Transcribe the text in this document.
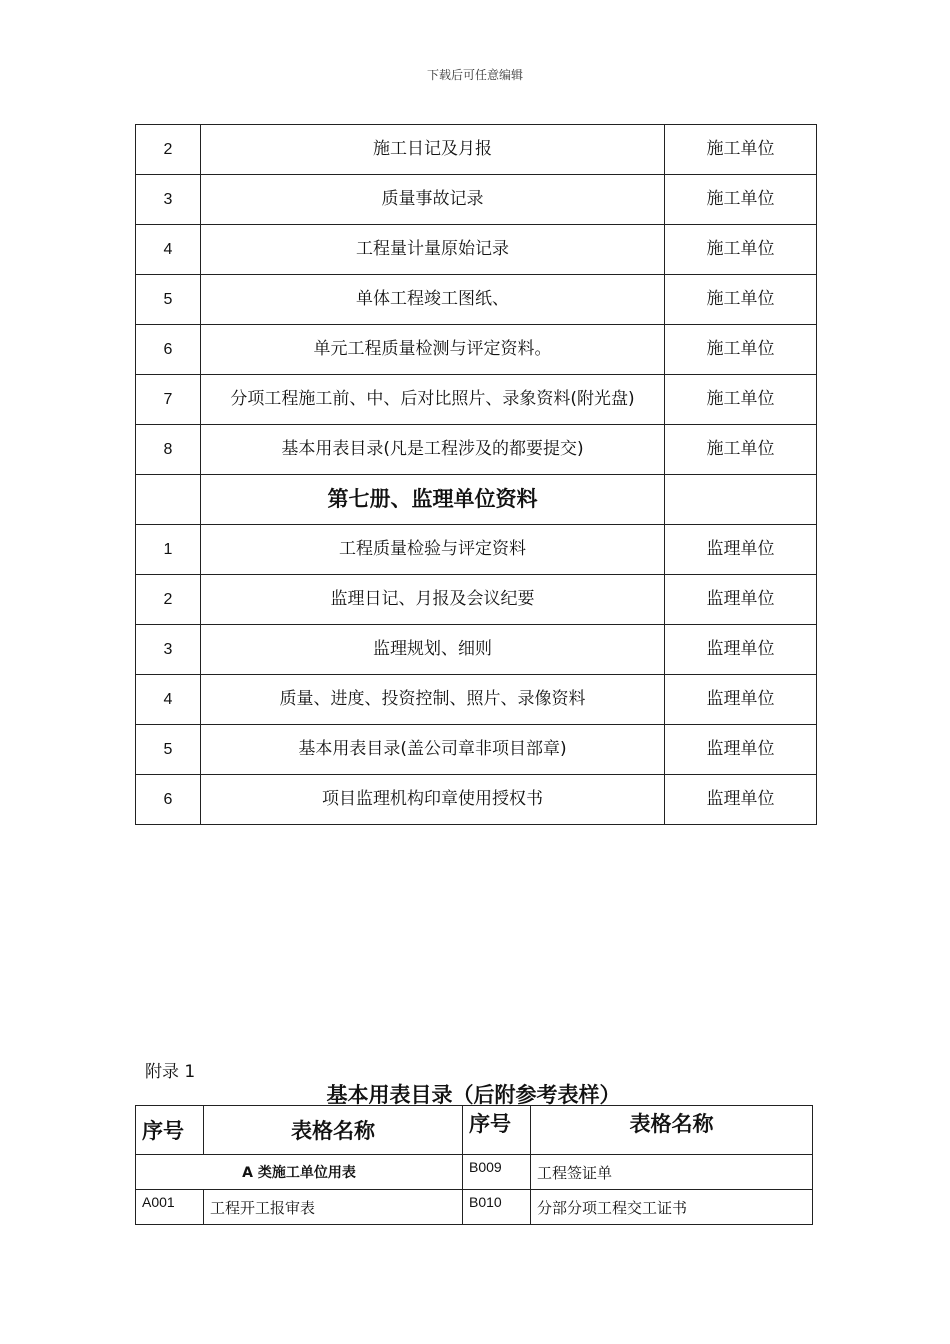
下载后可任意编辑
2	施工日记及月报	施工单位
3	质量事故记录	施工单位
4	工程量计量原始记录	施工单位
5	单体工程竣工图纸、	施工单位
6	单元工程质量检测与评定资料。	施工单位
7	分项工程施工前、中、后对比照片、录象资料(附光盘)	施工单位
8	基本用表目录(凡是工程涉及的都要提交)	施工单位
	第七册、监理单位资料	
1	工程质量检验与评定资料	监理单位
2	监理日记、月报及会议纪要	监理单位
3	监理规划、细则	监理单位
4	质量、进度、投资控制、照片、录像资料	监理单位
5	基本用表目录(盖公司章非项目部章)	监理单位
6	项目监理机构印章使用授权书	监理单位
附录 1
基本用表目录（后附参考表样）
序号	表格名称	序号	表格名称
A 类施工单位用表		B009	工程签证单
A001	工程开工报审表	B010	分部分项工程交工证书
